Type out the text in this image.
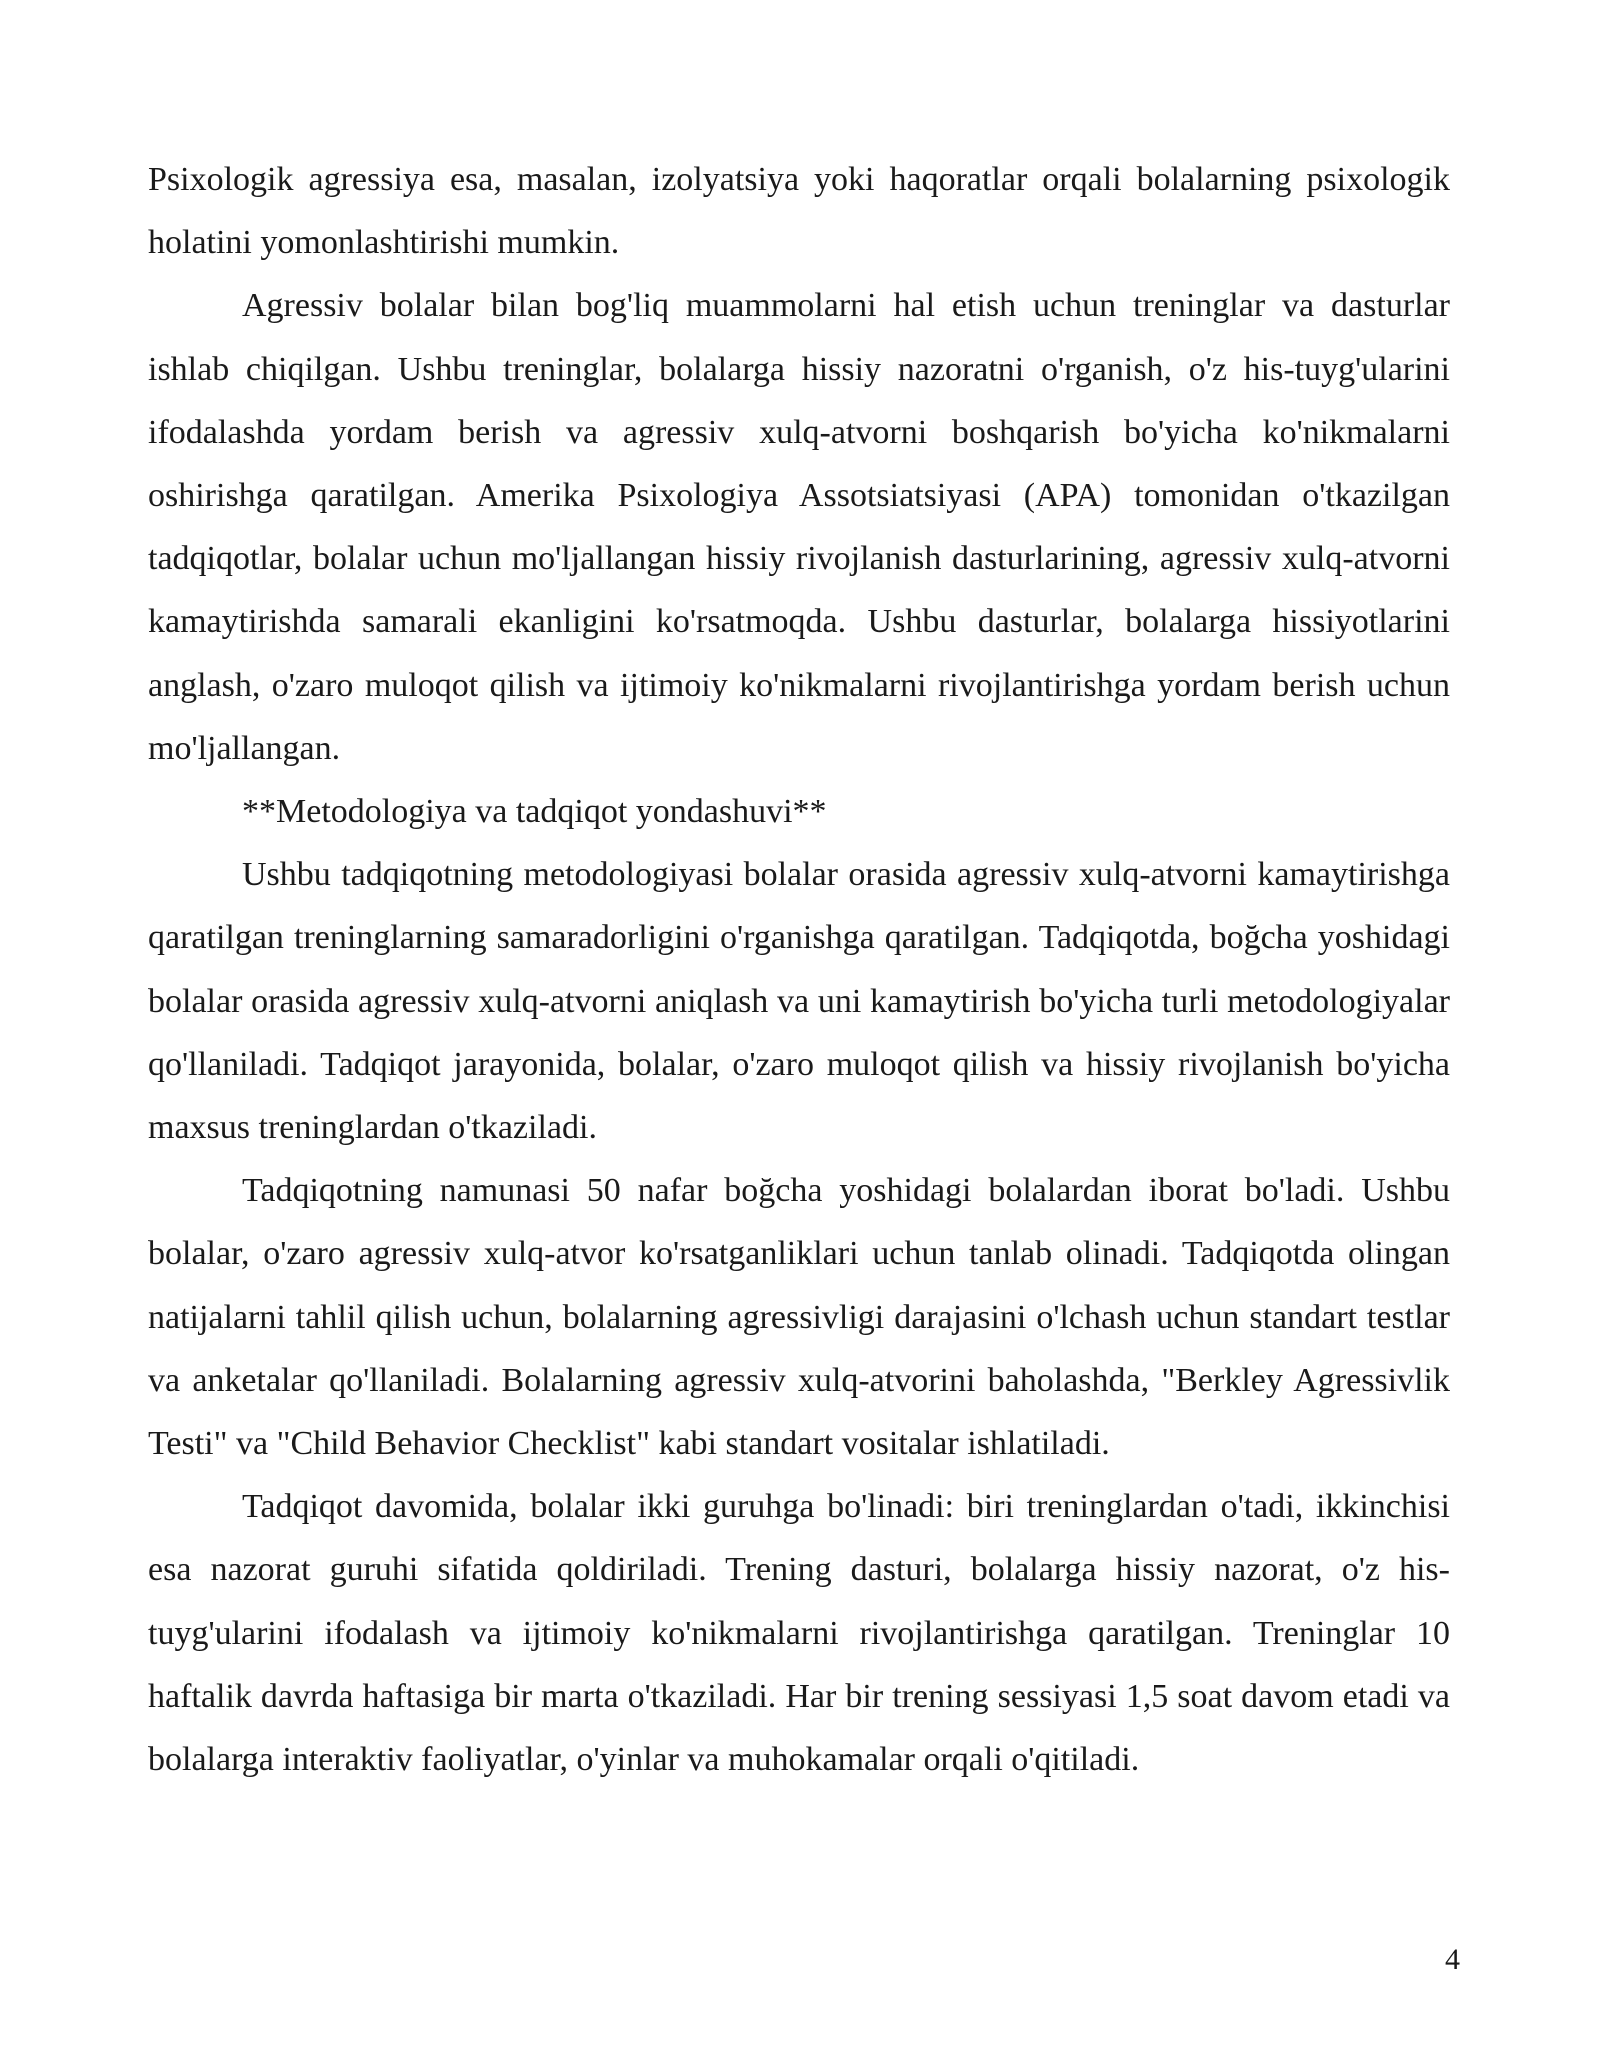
Psixologik agressiya esa, masalan, izolyatsiya yoki haqoratlar orqali bolalarning psixologik holatini yomonlashtirishi mumkin.

Agressiv bolalar bilan bog'liq muammolarni hal etish uchun treninglar va dasturlar ishlab chiqilgan. Ushbu treninglar, bolalarga hissiy nazoratni o'rganish, o'z his-tuyg'ularini ifodalashda yordam berish va agressiv xulq-atvorni boshqarish bo'yicha ko'nikmalarni oshirishga qaratilgan. Amerika Psixologiya Assotsiatsiyasi (APA) tomonidan o'tkazilgan tadqiqotlar, bolalar uchun mo'ljallangan hissiy rivojlanish dasturlarining, agressiv xulq-atvorni kamaytirishda samarali ekanligini ko'rsatmoqda. Ushbu dasturlar, bolalarga hissiyotlarini anglash, o'zaro muloqot qilish va ijtimoiy ko'nikmalarni rivojlantirishga yordam berish uchun mo'ljallangan.

**Metodologiya va tadqiqot yondashuvi**

Ushbu tadqiqotning metodologiyasi bolalar orasida agressiv xulq-atvorni kamaytirishga qaratilgan treninglarning samaradorligini o'rganishga qaratilgan. Tadqiqotda, boğcha yoshidagi bolalar orasida agressiv xulq-atvorni aniqlash va uni kamaytirish bo'yicha turli metodologiyalar qo'llaniladi. Tadqiqot jarayonida, bolalar, o'zaro muloqot qilish va hissiy rivojlanish bo'yicha maxsus treninglardan o'tkaziladi.

Tadqiqotning namunasi 50 nafar boğcha yoshidagi bolalardan iborat bo'ladi. Ushbu bolalar, o'zaro agressiv xulq-atvor ko'rsatganliklari uchun tanlab olinadi. Tadqiqotda olingan natijalarni tahlil qilish uchun, bolalarning agressivligi darajasini o'lchash uchun standart testlar va anketalar qo'llaniladi. Bolalarning agressiv xulq-atvorini baholashda, "Berkley Agressivlik Testi" va "Child Behavior Checklist" kabi standart vositalar ishlatiladi.

Tadqiqot davomida, bolalar ikki guruhga bo'linadi: biri treninglardan o'tadi, ikkinchisi esa nazorat guruhi sifatida qoldiriladi. Trening dasturi, bolalarga hissiy nazorat, o'z his-tuyg'ularini ifodalash va ijtimoiy ko'nikmalarni rivojlantirishga qaratilgan. Treninglar 10 haftalik davrda haftasiga bir marta o'tkaziladi. Har bir trening sessiyasi 1,5 soat davom etadi va bolalarga interaktiv faoliyatlar, o'yinlar va muhokamalar orqali o'qitiladi.

4
